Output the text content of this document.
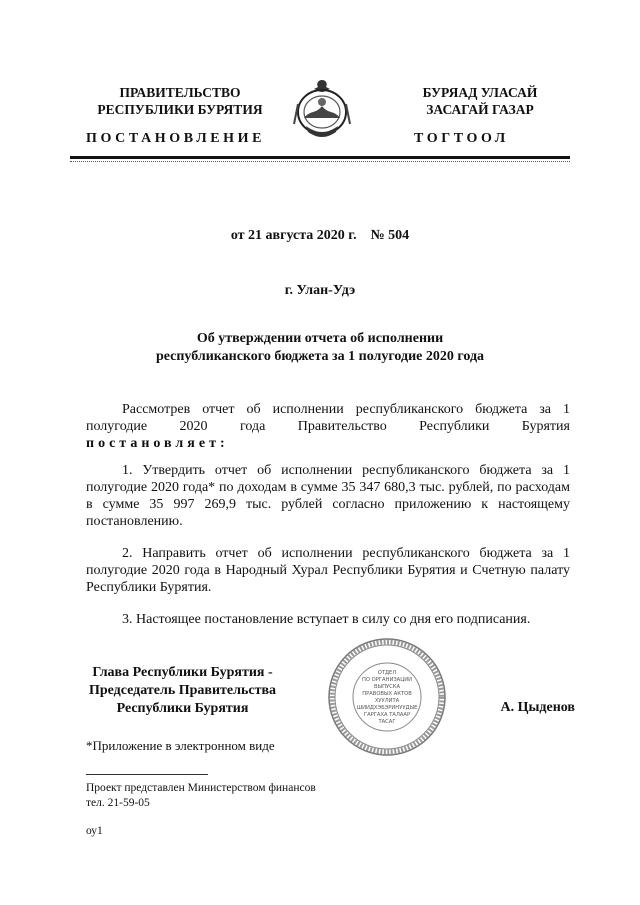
ПРАВИТЕЛЬСТВО
РЕСПУБЛИКИ БУРЯТИЯ
БУРЯАД УЛАСАЙ
ЗАСАГАЙ ГАЗАР
ПОСТАНОВЛЕНИЕ	ТОГТООЛ
от 21 августа 2020 г.    № 504
г. Улан-Удэ
Об утверждении отчета об исполнении
республиканского бюджета за 1 полугодие 2020 года
Рассмотрев отчет об исполнении республиканского бюджета за 1 полугодие 2020 года Правительство Республики Бурятия постановляет:
1. Утвердить отчет об исполнении республиканского бюджета за 1 полугодие 2020 года* по доходам в сумме 35 347 680,3 тыс. рублей, по расходам в сумме 35 997 269,9 тыс. рублей согласно приложению к настоящему постановлению.
2. Направить отчет об исполнении республиканского бюджета за 1 полугодие 2020 года в Народный Хурал Республики Бурятия и Счетную палату Республики Бурятия.
3. Настоящее постановление вступает в силу со дня его подписания.
Глава Республики Бурятия -
Председатель Правительства
Республики Бурятия
ОТДЕЛ
ПО ОРГАНИЗАЦИИ
ВЫПУСКА
ПРАВОВЫХ АКТОВ
ХУУЛИТА
ШИИДХЭБЭРИНУУДЫЕ
ГАРГАХА ТАЛААР
ТАСАГ
А. Цыденов
*Приложение в электронном виде
Проект представлен Министерством финансов
тел. 21-59-05
оу1
